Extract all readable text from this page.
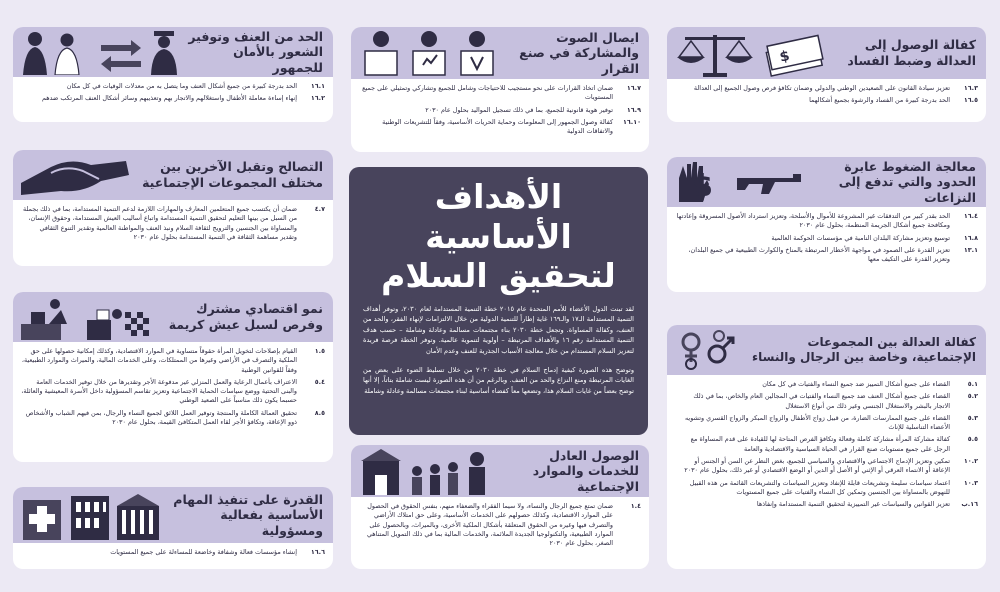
الحد من العنف وتوفير الشعور بالأمان للجمهور
١٦.١
الحد بدرجة كبيرة من جميع أشكال العنف وما يتصل به من معدلات الوفيات في كل مكان
١٦.٢
إنهاء إساءة معاملة الأطفال واستغلالهم والاتجار بهم وتعذيبهم وسائر أشكال العنف المرتكب ضدهم
التصالح وتقبل الآخرين بين مختلف المجموعات الإجتماعية
٤.٧
ضمان أن يكتسب جميع المتعلمين المعارف والمهارات اللازمة لدعم التنمية المستدامة، بما في ذلك بجملة من السبل من بينها التعليم لتحقيق التنمية المستدامة واتباع أساليب العيش المستدامة، وحقوق الإنسان، والمساواة بين الجنسين والترويج لثقافة السلام ونبذ العنف والمواطنة العالمية وتقدير التنوع الثقافي وتقدير مساهمة الثقافة في التنمية المستدامة بحلول عام ٢٠٣٠
نمو اقتصادي مشترك وفرص لسبل عيش كريمة
١.٥
القيام بإصلاحات لتخويل المرأة حقوقاً متساوية في الموارد الاقتصادية، وكذلك إمكانية حصولها على حق الملكية والتصرف في الأراضي وغيرها من الممتلكات، وعلى الخدمات المالية، والميراث والموارد الطبيعية، وفقاً للقوانين الوطنية
٥.٤
الاعتراف بأعمال الرعاية والعمل المنزلي غير مدفوعة الأجر وتقديرها من خلال توفير الخدمات العامة والبنى التحتية ووضع سياسات الحماية الاجتماعية وتعزيز تقاسم المسؤولية داخل الأسرة المعيشية والعائلة، حسبما يكون ذلك مناسباً على الصعيد الوطني
٨.٥
تحقيق العمالة الكاملة والمنتجة وتوفير العمل اللائق لجميع النساء والرجال، بمن فيهم الشباب والأشخاص ذوو الإعاقة، وتكافؤ الأجر لقاء العمل المتكافئ القيمة، بحلول عام ٢٠٣٠
القدرة على تنفيذ المهام الأساسية بفعالية ومسؤولية
١٦.٦
إنشاء مؤسسات فعالة وشفافة وخاضعة للمساءلة على جميع المستويات
ايصال الصوت والمشاركة في صنع القرار
١٦.٧
ضمان اتخاذ القرارات على نحو مستجيب للاحتياجات وشامل للجميع وتشاركي وتمثيلي على جميع المستويات
١٦.٩
توفير هوية قانونية للجميع، بما في ذلك تسجيل المواليد بحلول عام ٢٠٣٠
١٦.١٠
كفالة وصول الجمهور إلى المعلومات وحماية الحريات الأساسية، وفقاً للتشريعات الوطنية والاتفاقات الدولية
الأهداف الأساسية
لتحقيق السلام

لقد تبنت الدول الأعضاء للأمم المتحدة عام ٢٠١٥ خطة التنمية المستدامة لعام ٢٠٣٠، وتوفر أهداف التنمية المستدامة الـ١٧ والـ١٦٩ غاية إطاراً للتنمية الدولية من خلال الالتزامات لإنهاء الفقر، والحد من العنف، وكفالة المساواة. وتجعل خطة ٢٠٣٠ بناء مجتمعات مسالمة وعادلة وشاملة – حسب هدف التنمية المستدامة رقم ١٦ والأهداف المرتبطة – أولوية لتنموية عالمية. وتوفر الخطة فرصة فريدة لتعزيز السلام المستدام من خلال معالجة الأسباب الجذرية للعنف وعدم الأمان

وتوضح هذه الصورة كيفية إدماج السلام في خطة ٢٠٣٠ من خلال تسليط الضوء على بعض من الغايات المرتبطة ومنع النزاع والحد من العنف. وبالرغم من أن هذه الصورة ليست شاملة بتاتاً، إلا أنها توضح بعضاً من غايات السلام هذا، وتضعها معاً كفضاء أساسية لبناء مجتمعات مسالمة وعادلة وشاملة

الوصول العادل للخدمات والموارد الإجتماعية
١.٤
ضمان تمتع جميع الرجال والنساء، ولا سيما الفقراء والضعفاء منهم، بنفس الحقوق في الحصول على الموارد الاقتصادية، وكذلك حصولهم على الخدمات الأساسية، وعلى حق امتلاك الأراضي والتصرف فيها وغيره من الحقوق المتعلقة بأشكال الملكية الأخرى، وبالميراث، وبالحصول على الموارد الطبيعية، والتكنولوجيا الجديدة الملائمة، والخدمات المالية بما في ذلك التمويل المتناهي الصغر، بحلول عام ٢٠٣٠
كفالة الوصول إلى العدالة وضبط الفساد
$
١٦.٣
تعزيز سيادة القانون على الصعيدين الوطني والدولي وضمان تكافؤ فرص وصول الجميع إلى العدالة
١٦.٥
الحد بدرجة كبيرة من الفساد والرشوة بجميع أشكالهما
معالجة الضغوط عابرة الحدود والتي تدفع إلى النزاعات
$
١٦.٤
الحد بقدر كبير من التدفقات غير المشروعة للأموال والأسلحة، وتعزيز استرداد الأصول المسروقة وإعادتها ومكافحة جميع أشكال الجريمة المنظمة، بحلول عام ٢٠٣٠
١٦.٨
توسيع وتعزيز مشاركة البلدان النامية في مؤسسات الحوكمة العالمية
١٣.١
تعزيز القدرة على الصمود في مواجهة الأخطار المرتبطة بالمناخ والكوارث الطبيعية في جميع البلدان، وتعزيز القدرة على التكيف معها
كفالة العدالة بين المجموعات الإجتماعية، وخاصة بين الرجال والنساء
٥.١
القضاء على جميع أشكال التمييز ضد جميع النساء والفتيات في كل مكان
٥.٢
القضاء على جميع أشكال العنف ضد جميع النساء والفتيات في المجالين العام والخاص، بما في ذلك الاتجار بالبشر والاستغلال الجنسي وغير ذلك من أنواع الاستغلال
٥.٣
القضاء على جميع الممارسات الضارة، من قبيل زواج الأطفال والزواج المبكر والزواج القسري وتشويه الأعضاء التناسلية للإناث
٥.٥
كفالة مشاركة المرأة مشاركة كاملة وفعالة وتكافؤ الفرص المتاحة لها للقيادة على قدم المساواة مع الرجل على جميع مستويات صنع القرار في الحياة السياسية والاقتصادية والعامة
١٠.٢
تمكين وتعزيز الإدماج الاجتماعي والاقتصادي والسياسي للجميع، بغض النظر عن السن أو الجنس أو الإعاقة أو الانتماء العرقي أو الإثني أو الأصل أو الدين أو الوضع الاقتصادي أو غير ذلك، بحلول عام ٢٠٣٠
١٠.٣
اعتماد سياسات سليمة وتشريعات قابلة للإنفاذ وتعزيز السياسات والتشريعات القائمة من هذه القبيل للنهوض بالمساواة بين الجنسين وتمكين كل النساء والفتيات على جميع المستويات
١٦.ب
تعزيز القوانين والسياسات غير التمييزية لتحقيق التنمية المستدامة وإنفاذها
